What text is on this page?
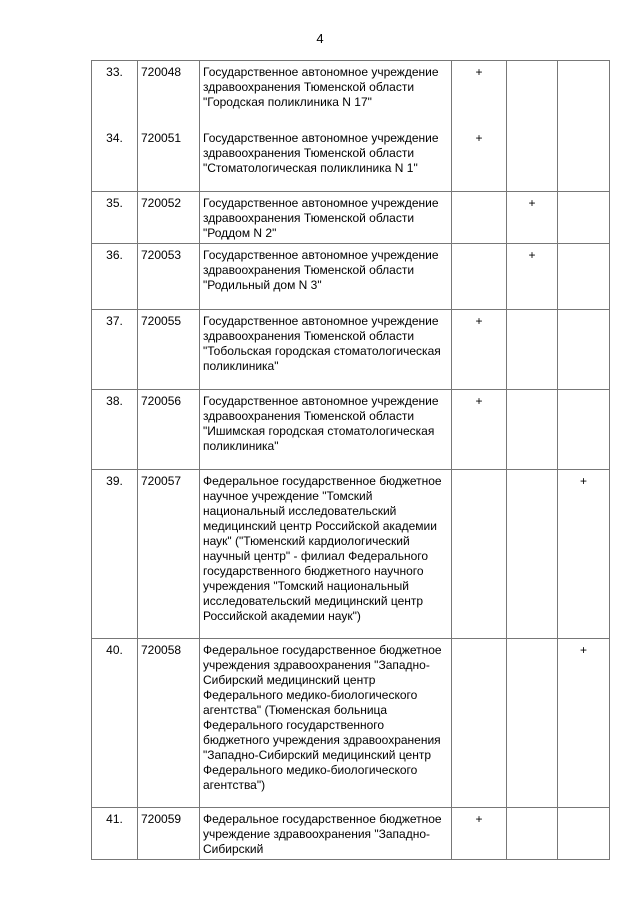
4
33.	720048	Государственное автономное учреждение здравоохранения Тюменской области "Городская поликлиника N 17"	+		
34.	720051	Государственное автономное учреждение здравоохранения Тюменской области "Стоматологическая поликлиника N 1"	+		
35.	720052	Государственное автономное учреждение здравоохранения Тюменской области "Роддом N 2"		+	
36.	720053	Государственное автономное учреждение здравоохранения Тюменской области "Родильный дом N 3"		+	
37.	720055	Государственное автономное учреждение здравоохранения Тюменской области "Тобольская городская стоматологическая поликлиника"	+		
38.	720056	Государственное автономное учреждение здравоохранения Тюменской области "Ишимская городская стоматологическая поликлиника"	+		
39.	720057	Федеральное государственное бюджетное научное учреждение "Томский национальный исследовательский медицинский центр Российской академии наук" ("Тюменский кардиологический научный центр" - филиал Федерального государственного бюджетного научного учреждения "Томский национальный исследовательский медицинский центр Российской академии наук")			+
40.	720058	Федеральное государственное бюджетное учреждения здравоохранения "Западно-Сибирский медицинский центр Федерального медико-биологического агентства" (Тюменская больница Федерального государственного бюджетного учреждения здравоохранения "Западно-Сибирский медицинский центр Федерального медико-биологического агентства")			+
41.	720059	Федеральное государственное бюджетное учреждение здравоохранения "Западно-Сибирский	+		
